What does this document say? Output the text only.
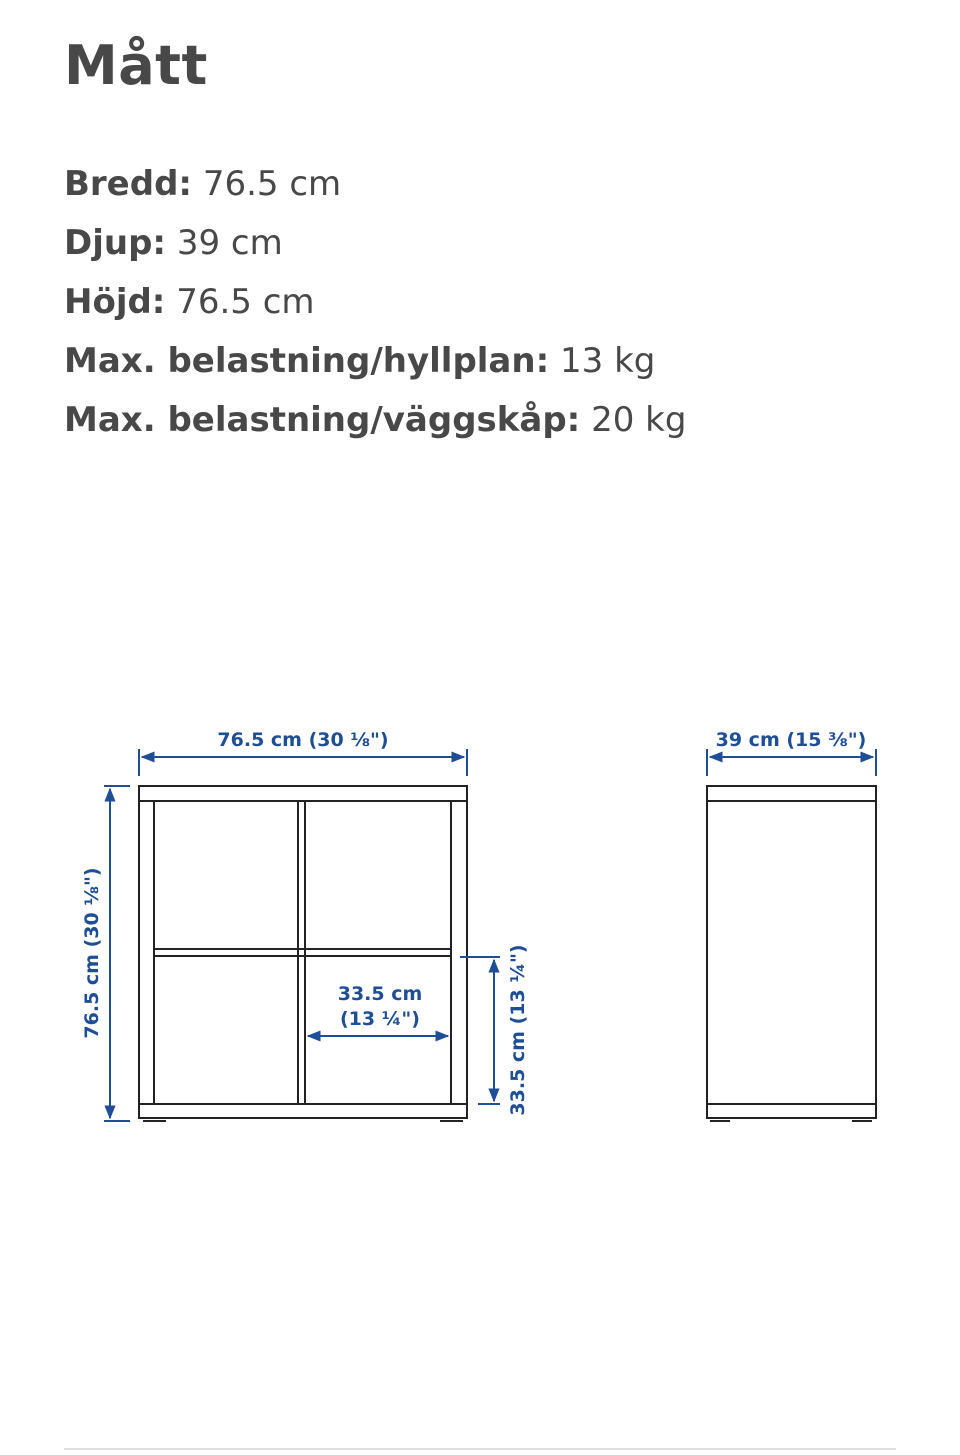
Mått
Bredd: 76.5 cm
Djup: 39 cm
Höjd: 76.5 cm
Max. belastning/hyllplan: 13 kg
Max. belastning/väggskåp: 20 kg
76.5 cm (30 ⅛")
76.5 cm (30 ⅛")	33.5 cm
(13 ¼")	33.5 cm (13 ¼")
39 cm (15 ⅜")
